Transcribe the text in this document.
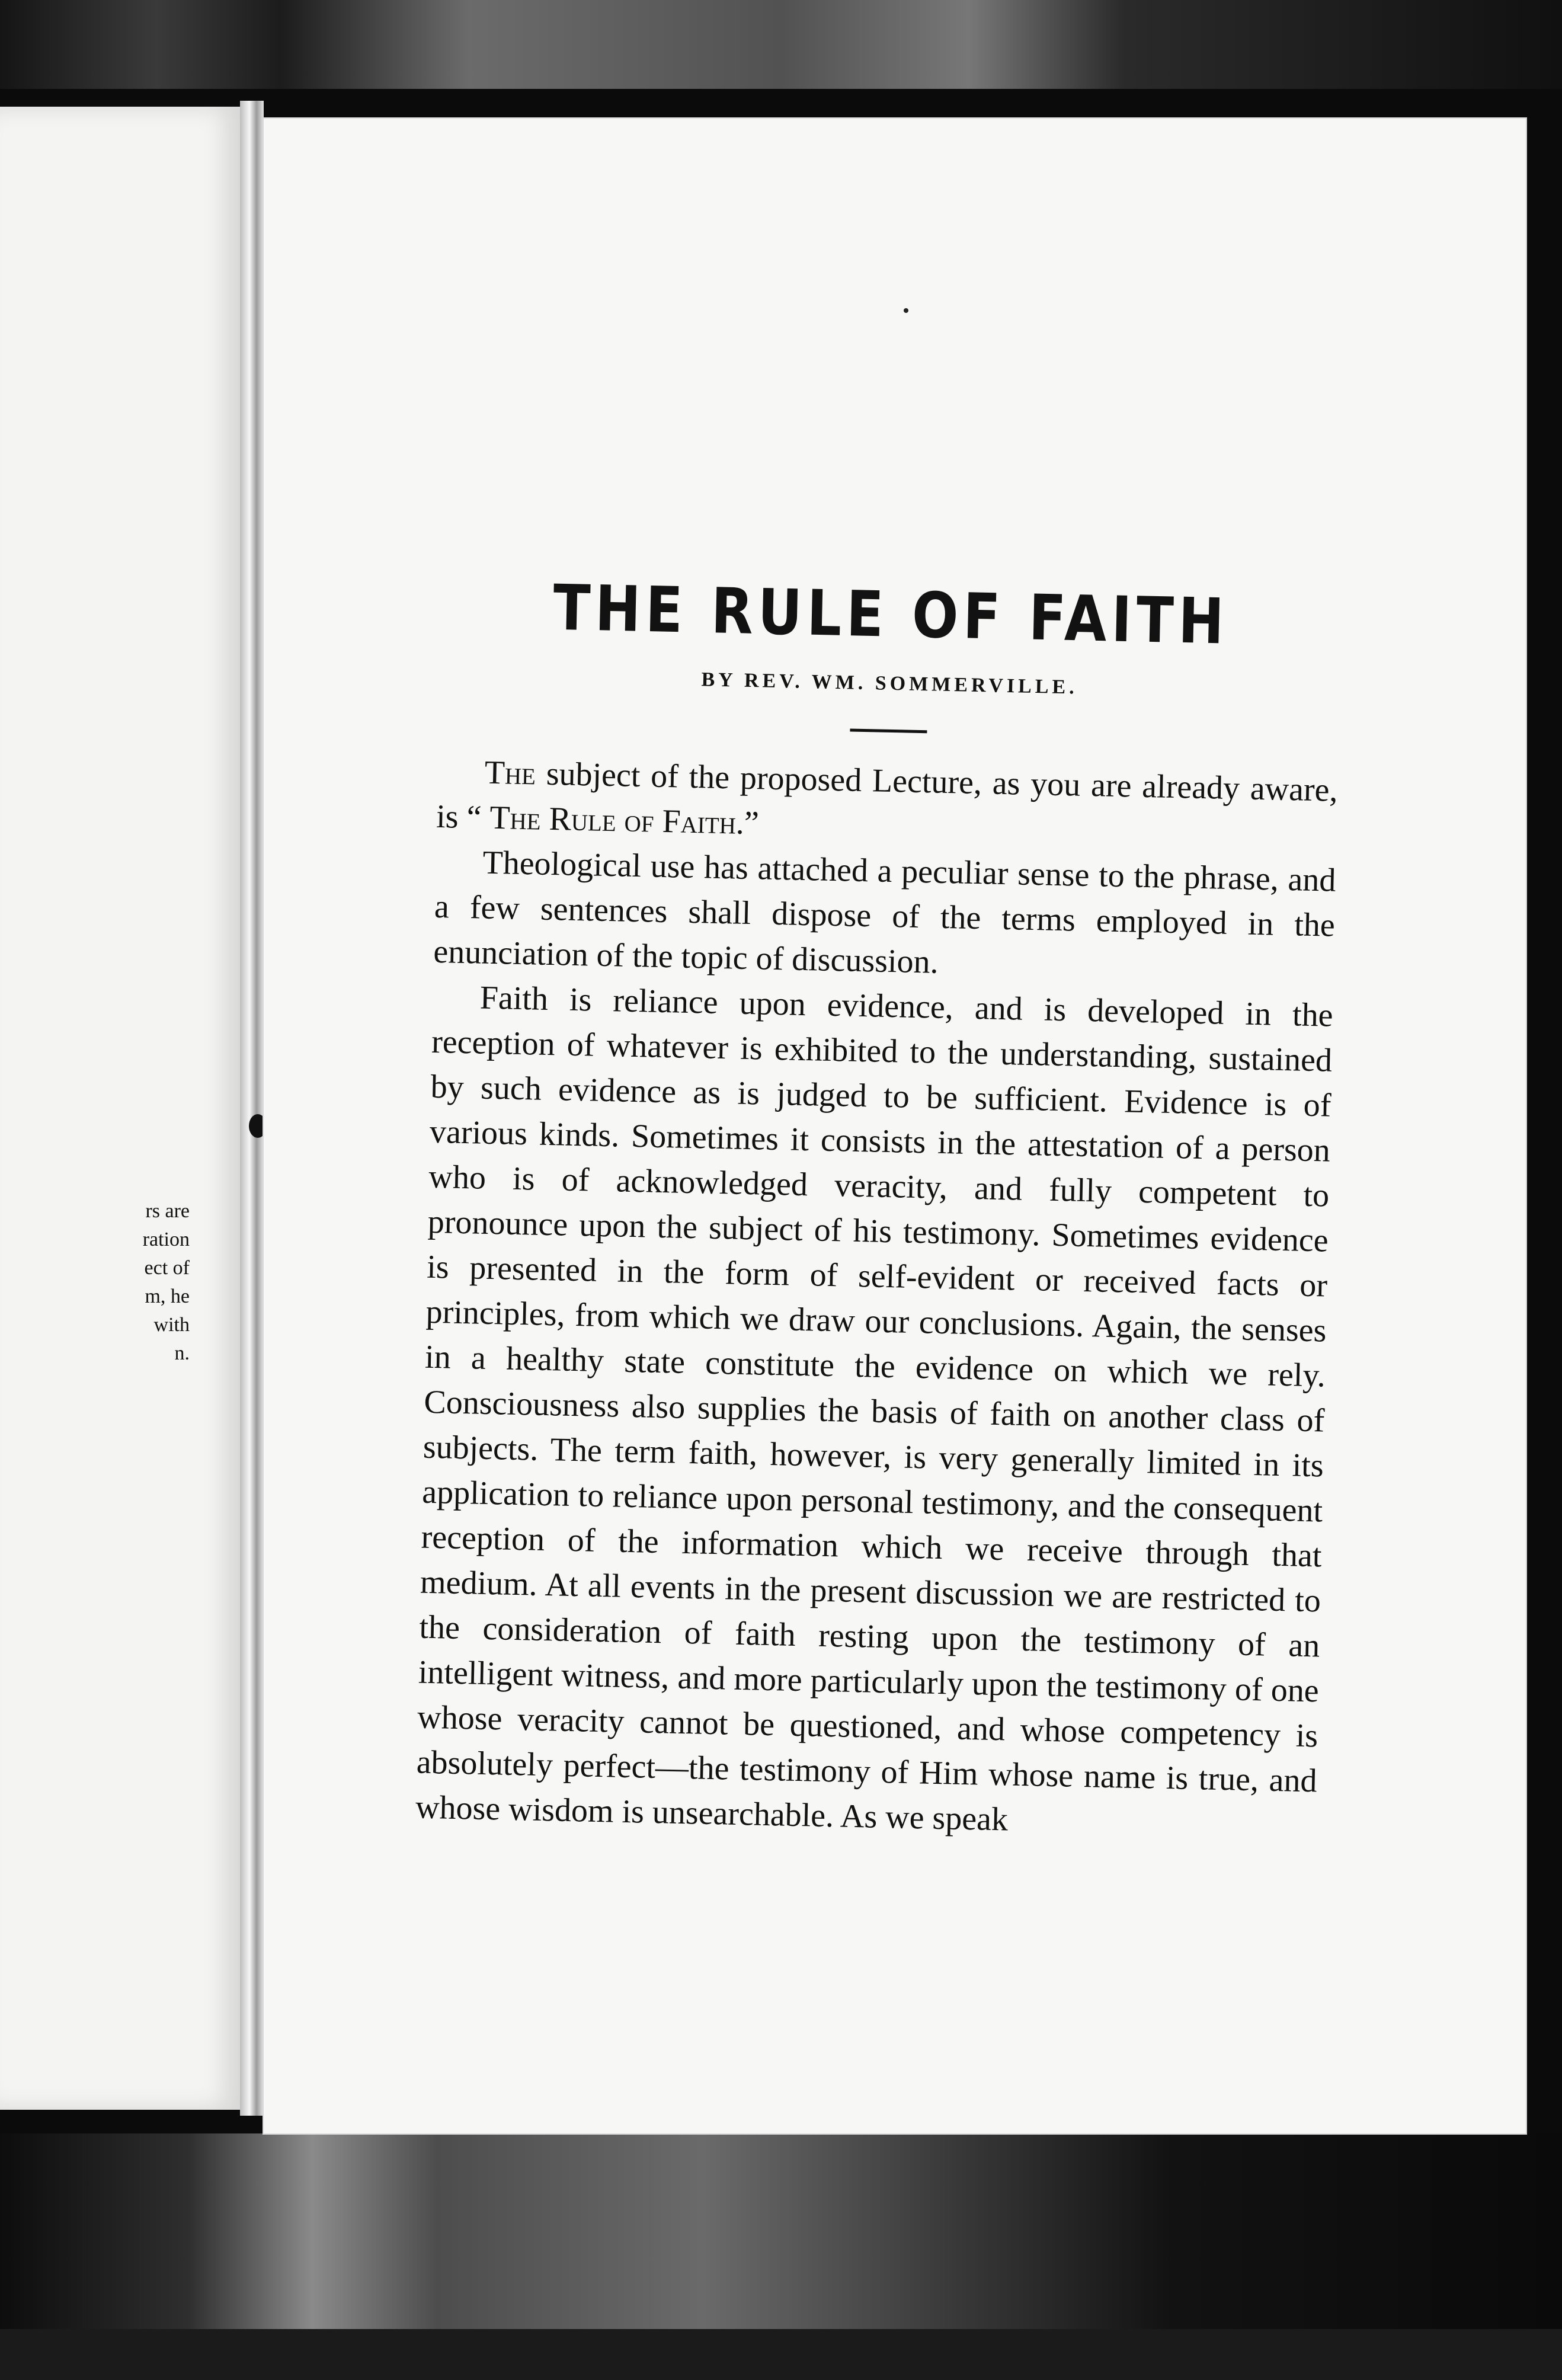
rs are
ration
ect of
m, he
with
n.
THE RULE OF FAITH
BY REV. WM. SOMMERVILLE.

The subject of the proposed Lecture, as you are already aware, is “ The Rule of Faith.”

Theological use has attached a peculiar sense to the phrase, and a few sentences shall dispose of the terms employed in the enunciation of the topic of discussion.

Faith is reliance upon evidence, and is developed in the reception of whatever is exhibited to the understanding, sustained by such evidence as is judged to be sufficient. Evidence is of various kinds. Sometimes it consists in the attestation of a person who is of acknowledged veracity, and fully competent to pronounce upon the subject of his testimony. Sometimes evidence is presented in the form of self-evident or received facts or principles, from which we draw our conclusions. Again, the senses in a healthy state constitute the evidence on which we rely. Consciousness also supplies the basis of faith on another class of subjects. The term faith, however, is very generally limited in its application to reliance upon personal testimony, and the consequent reception of the information which we receive through that medium. At all events in the present discussion we are restricted to the consideration of faith resting upon the testimony of an intelligent witness, and more particularly upon the testimony of one whose veracity cannot be questioned, and whose competency is absolutely perfect—the testimony of Him whose name is true, and whose wisdom is unsearchable. As we speak
